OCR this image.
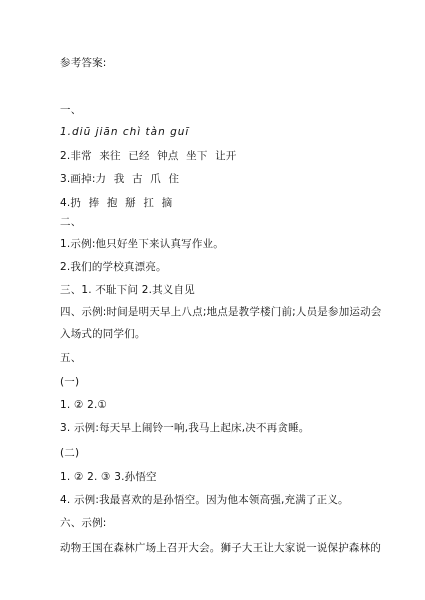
参考答案:
一、
1.diū jiān chì tàn guī
2.非常 来往 已经 钟点 坐下 让开
3.画掉:力 我 古 爪 住
4.扔 捧 抱 掰 扛 摘
二、
1.示例:他只好坐下来认真写作业。
2.我们的学校真漂亮。
三、1. 不耻下问 2.其义自见
四、示例:时间是明天早上八点;地点是教学楼门前;人员是参加运动会
入场式的同学们。
五、
(一)
1. ② 2.①
3. 示例:每天早上闹铃一响,我马上起床,决不再贪睡。
(二)
1. ② 2. ③ 3.孙悟空
4. 示例:我最喜欢的是孙悟空。因为他本领高强,充满了正义。
六、示例:
动物王国在森林广场上召开大会。狮子大王让大家说一说保护森林的
